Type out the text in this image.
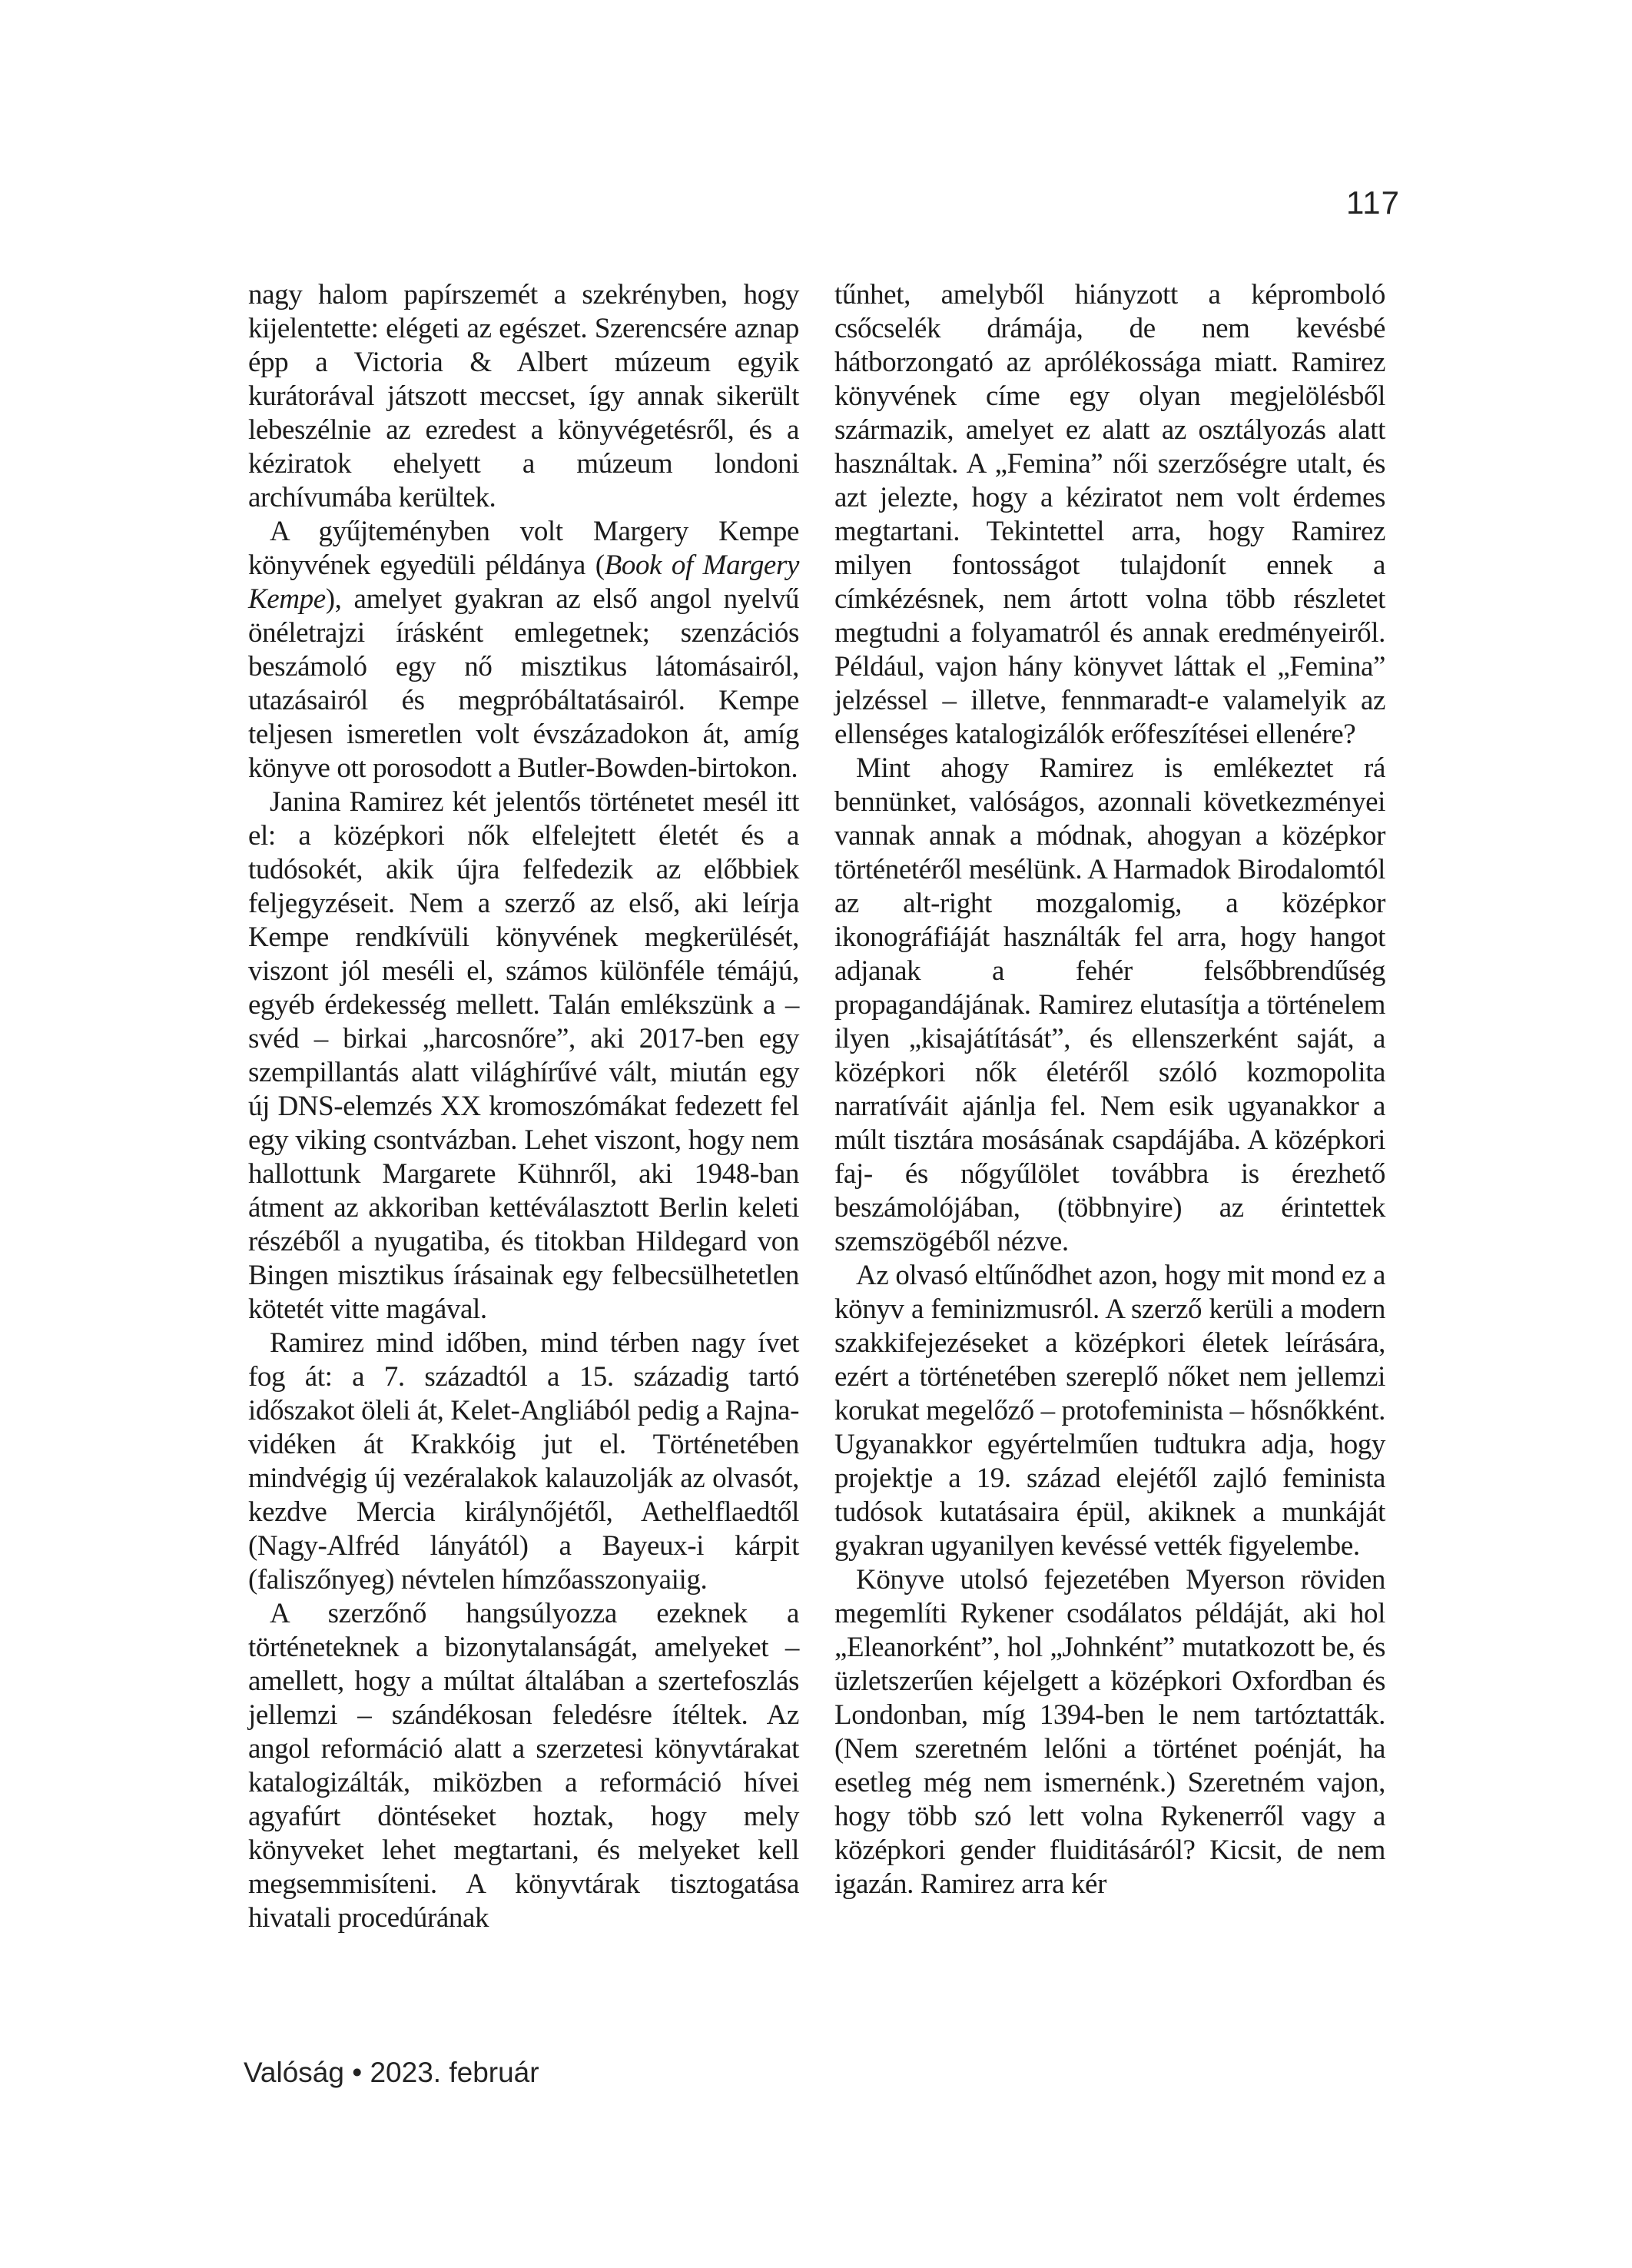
117

nagy halom papírszemét a szekrényben, hogy kijelentette: elégeti az egészet. Szerencsére aznap épp a Victoria & Albert múzeum egyik kurátorával játszott meccset, így annak sikerült lebeszélnie az ezredest a könyvégetésről, és a kéziratok ehelyett a múzeum londoni archívumába kerültek.

A gyűjteményben volt Margery Kempe könyvének egyedüli példánya (Book of Margery Kempe), amelyet gyakran az első angol nyelvű önéletrajzi írásként emlegetnek; szenzációs beszámoló egy nő misztikus látomásairól, utazásairól és megpróbáltatásairól. Kempe teljesen ismeretlen volt évszázadokon át, amíg könyve ott porosodott a Butler-Bowden-birtokon.

Janina Ramirez két jelentős történetet mesél itt el: a középkori nők elfelejtett életét és a tudósokét, akik újra felfedezik az előbbiek feljegyzéseit. Nem a szerző az első, aki leírja Kempe rendkívüli könyvének megkerülését, viszont jól meséli el, számos különféle témájú, egyéb érdekesség mellett. Talán emlékszünk a – svéd – birkai „harcosnőre”, aki 2017-ben egy szempillantás alatt világhírűvé vált, miután egy új DNS-elemzés XX kromoszómákat fedezett fel egy viking csontvázban. Lehet viszont, hogy nem hallottunk Margarete Kühnről, aki 1948-ban átment az akkoriban kettéválasztott Berlin keleti részéből a nyugatiba, és titokban Hildegard von Bingen misztikus írásainak egy felbecsülhetetlen kötetét vitte magával.

Ramirez mind időben, mind térben nagy ívet fog át: a 7. századtól a 15. századig tartó időszakot öleli át, Kelet-Angliából pedig a Rajna-vidéken át Krakkóig jut el. Történetében mindvégig új vezéralakok kalauzolják az olvasót, kezdve Mercia királynőjétől, Aethelflaedtől (Nagy-Alfréd lányától) a Bayeux-i kárpit (faliszőnyeg) névtelen hímzőasszonyaiig.

A szerzőnő hangsúlyozza ezeknek a történeteknek a bizonytalanságát, amelyeket – amellett, hogy a múltat általában a szertefoszlás jellemzi – szándékosan feledésre ítéltek. Az angol reformáció alatt a szerzetesi könyvtárakat katalogizálták, miközben a reformáció hívei agyafúrt döntéseket hoztak, hogy mely könyveket lehet megtartani, és melyeket kell megsemmisíteni. A könyvtárak tisztogatása hivatali procedúrának

tűnhet, amelyből hiányzott a képromboló csőcselék drámája, de nem kevésbé hátborzongató az aprólékossága miatt. Ramirez könyvének címe egy olyan megjelölésből származik, amelyet ez alatt az osztályozás alatt használtak. A „Femina” női szerzőségre utalt, és azt jelezte, hogy a kéziratot nem volt érdemes megtartani. Tekintettel arra, hogy Ramirez milyen fontosságot tulajdonít ennek a címkézésnek, nem ártott volna több részletet megtudni a folyamatról és annak eredményeiről. Például, vajon hány könyvet láttak el „Femina” jelzéssel – illetve, fennmaradt-e valamelyik az ellenséges katalogizálók erőfeszítései ellenére?

Mint ahogy Ramirez is emlékeztet rá bennünket, valóságos, azonnali következményei vannak annak a módnak, ahogyan a középkor történetéről mesélünk. A Harmadok Birodalomtól az alt-right mozgalomig, a középkor ikonográfiáját használták fel arra, hogy hangot adjanak a fehér felsőbbrendűség propagandájának. Ramirez elutasítja a történelem ilyen „kisajátítását”, és ellenszerként saját, a középkori nők életéről szóló kozmopolita narratíváit ajánlja fel. Nem esik ugyanakkor a múlt tisztára mosásának csapdájába. A középkori faj- és nőgyűlölet továbbra is érezhető beszámolójában, (többnyire) az érintettek szemszögéből nézve.

Az olvasó eltűnődhet azon, hogy mit mond ez a könyv a feminizmusról. A szerző kerüli a modern szakkifejezéseket a középkori életek leírására, ezért a történetében szereplő nőket nem jellemzi korukat megelőző – protofeminista – hősnőkként. Ugyanakkor egyértelműen tudtukra adja, hogy projektje a 19. század elejétől zajló feminista tudósok kutatásaira épül, akiknek a munkáját gyakran ugyanilyen kevéssé vették figyelembe.

Könyve utolsó fejezetében Myerson röviden megemlíti Rykener csodálatos példáját, aki hol „Eleanorként”, hol „Johnként” mutatkozott be, és üzletszerűen kéjelgett a középkori Oxfordban és Londonban, míg 1394-ben le nem tartóztatták. (Nem szeretném lelőni a történet poénját, ha esetleg még nem ismernénk.) Szeretném vajon, hogy több szó lett volna Rykenerről vagy a középkori gender fluiditásáról? Kicsit, de nem igazán. Ramirez arra kér

Valóság • 2023. február
